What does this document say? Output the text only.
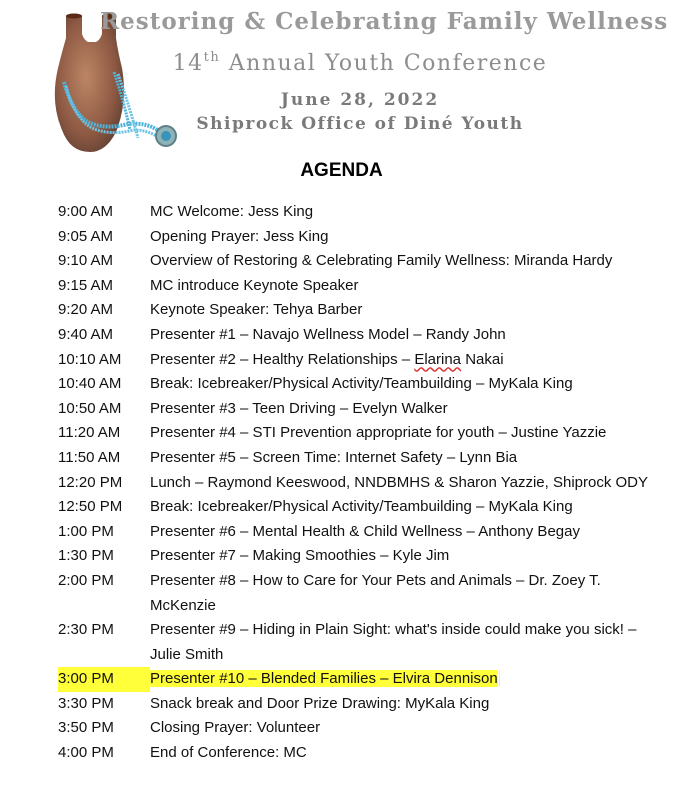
Restoring & Celebrating Family Wellness
14th Annual Youth Conference
June 28, 2022
Shiprock Office of Diné Youth
AGENDA
9:00 AM	MC Welcome: Jess King
9:05 AM	Opening Prayer: Jess King
9:10 AM	Overview of Restoring & Celebrating Family Wellness: Miranda Hardy
9:15 AM	MC introduce Keynote Speaker
9:20 AM	Keynote Speaker: Tehya Barber
9:40 AM	Presenter #1 – Navajo Wellness Model – Randy John
10:10 AM	Presenter #2 – Healthy Relationships – Elarina Nakai
10:40 AM	Break: Icebreaker/Physical Activity/Teambuilding – MyKala King
10:50 AM	Presenter #3 – Teen Driving – Evelyn Walker
11:20 AM	Presenter #4 – STI Prevention appropriate for youth – Justine Yazzie
11:50 AM	Presenter #5 – Screen Time: Internet Safety – Lynn Bia
12:20 PM	Lunch – Raymond Keeswood, NNDBMHS & Sharon Yazzie, Shiprock ODY
12:50 PM	Break: Icebreaker/Physical Activity/Teambuilding – MyKala King
1:00 PM	Presenter #6 – Mental Health & Child Wellness – Anthony Begay
1:30 PM	Presenter #7 – Making Smoothies – Kyle Jim
2:00 PM	Presenter #8 – How to Care for Your Pets and Animals – Dr. Zoey T. McKenzie
2:30 PM	Presenter #9 – Hiding in Plain Sight: what's inside could make you sick! – Julie Smith
3:00 PM	Presenter #10 – Blended Families – Elvira Dennison
3:30 PM	Snack break and Door Prize Drawing: MyKala King
3:50 PM	Closing Prayer: Volunteer
4:00 PM	End of Conference: MC
